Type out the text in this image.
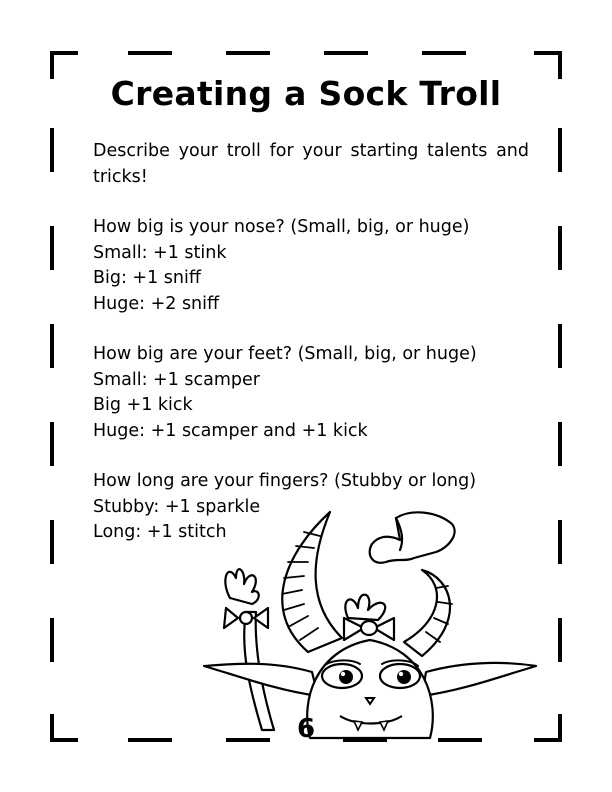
Creating a Sock Troll

Describe your troll for your starting talents and tricks!

How big is your nose? (Small, big, or huge)
Small: +1 stink
Big: +1 sniff
Huge: +2 sniff
How big are your feet? (Small, big, or huge)
Small: +1 scamper
Big +1 kick
Huge: +1 scamper and +1 kick
How long are your fingers? (Stubby or long)
Stubby: +1 sparkle
Long: +1 stitch
6
